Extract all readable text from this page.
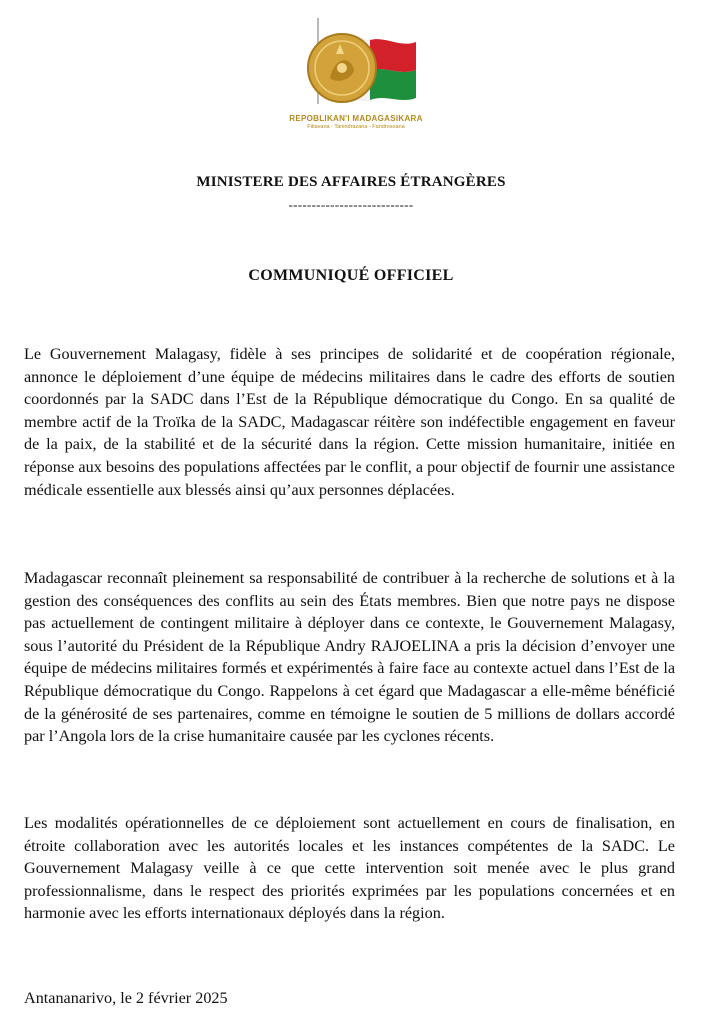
REPOBLIKAN'I MADAGASIKARA
Fitiavana - Tanindrazana - Fandrosoana
MINISTERE DES AFFAIRES ÉTRANGÈRES
---------------------------
COMMUNIQUÉ OFFICIEL

Le Gouvernement Malagasy, fidèle à ses principes de solidarité et de coopération régionale, annonce le déploiement d’une équipe de médecins militaires dans le cadre des efforts de soutien coordonnés par la SADC dans l’Est de la République démocratique du Congo. En sa qualité de membre actif de la Troïka de la SADC, Madagascar réitère son indéfectible engagement en faveur de la paix, de la stabilité et de la sécurité dans la région. Cette mission humanitaire, initiée en réponse aux besoins des populations affectées par le conflit, a pour objectif de fournir une assistance médicale essentielle aux blessés ainsi qu’aux personnes déplacées.

Madagascar reconnaît pleinement sa responsabilité de contribuer à la recherche de solutions et à la gestion des conséquences des conflits au sein des États membres. Bien que notre pays ne dispose pas actuellement de contingent militaire à déployer dans ce contexte, le Gouvernement Malagasy, sous l’autorité du Président de la République Andry RAJOELINA a pris la décision d’envoyer une équipe de médecins militaires formés et expérimentés à faire face au contexte actuel dans l’Est de la République démocratique du Congo. Rappelons à cet égard que Madagascar a elle-même bénéficié de la générosité de ses partenaires, comme en témoigne le soutien de 5 millions de dollars accordé par l’Angola lors de la crise humanitaire causée par les cyclones récents.

Les modalités opérationnelles de ce déploiement sont actuellement en cours de finalisation, en étroite collaboration avec les autorités locales et les instances compétentes de la SADC. Le Gouvernement Malagasy veille à ce que cette intervention soit menée avec le plus grand professionnalisme, dans le respect des priorités exprimées par les populations concernées et en harmonie avec les efforts internationaux déployés dans la région.

Antananarivo, le 2 février 2025
